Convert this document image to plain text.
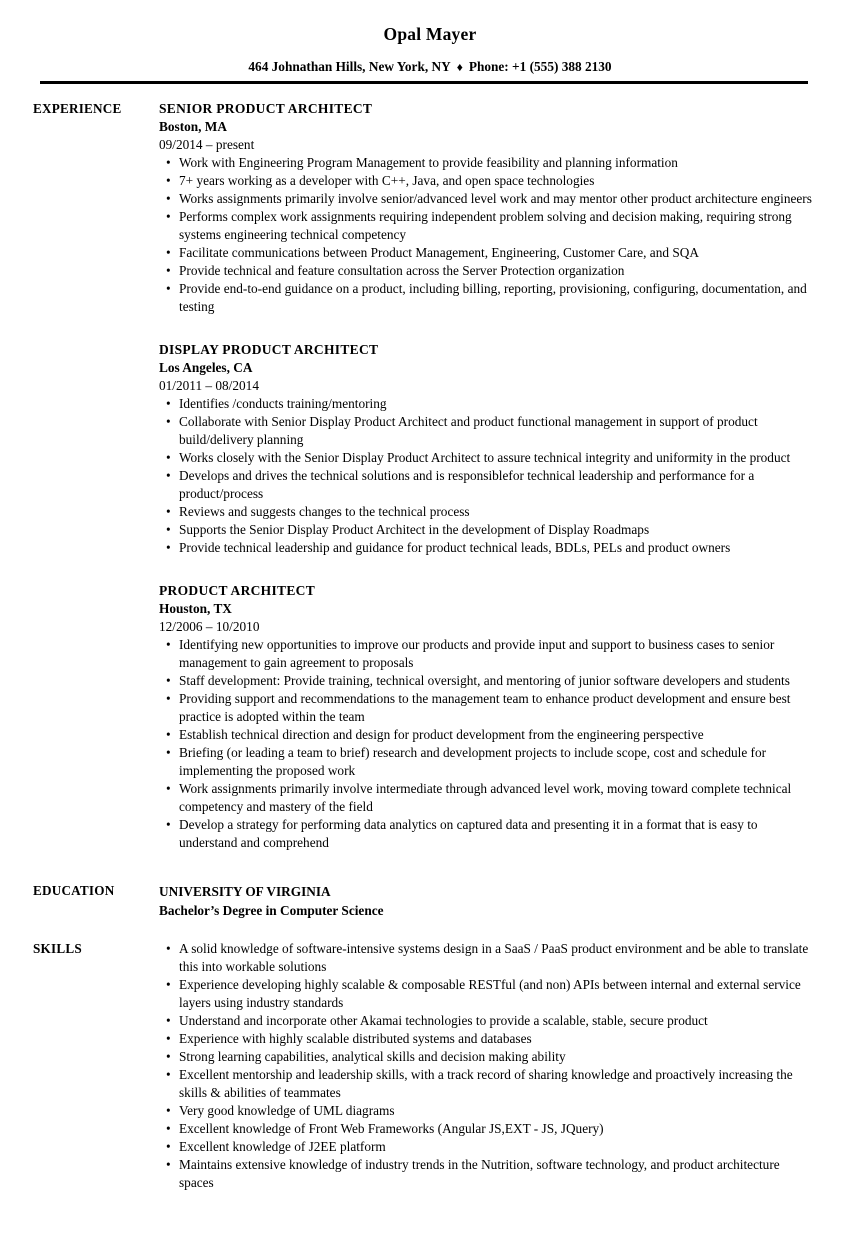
Opal Mayer

464 Johnathan Hills, New York, NY ♦ Phone: +1 (555) 388 2130

EXPERIENCE	SENIOR PRODUCT ARCHITECT
Boston, MA
09/2014 – present
• Work with Engineering Program Management to provide feasibility and planning information
• 7+ years working as a developer with C++, Java, and open space technologies
• Works assignments primarily involve senior/advanced level work and may mentor other product architecture engineers
• Performs complex work assignments requiring independent problem solving and decision making, requiring strong systems engineering technical competency
• Facilitate communications between Product Management, Engineering, Customer Care, and SQA
• Provide technical and feature consultation across the Server Protection organization
• Provide end-to-end guidance on a product, including billing, reporting, provisioning, configuring, documentation, and testing
DISPLAY PRODUCT ARCHITECT
Los Angeles, CA
01/2011 – 08/2014
• Identifies /conducts training/mentoring
• Collaborate with Senior Display Product Architect and product functional management in support of product build/delivery planning
• Works closely with the Senior Display Product Architect to assure technical integrity and uniformity in the product
• Develops and drives the technical solutions and is responsiblefor technical leadership and performance for a product/process
• Reviews and suggests changes to the technical process
• Supports the Senior Display Product Architect in the development of Display Roadmaps
• Provide technical leadership and guidance for product technical leads, BDLs, PELs and product owners
PRODUCT ARCHITECT
Houston, TX
12/2006 – 10/2010
• Identifying new opportunities to improve our products and provide input and support to business cases to senior management to gain agreement to proposals
• Staff development: Provide training, technical oversight, and mentoring of junior software developers and students
• Providing support and recommendations to the management team to enhance product development and ensure best practice is adopted within the team
• Establish technical direction and design for product development from the engineering perspective
• Briefing (or leading a team to brief) research and development projects to include scope, cost and schedule for implementing the proposed work
• Work assignments primarily involve intermediate through advanced level work, moving toward complete technical competency and mastery of the field
• Develop a strategy for performing data analytics on captured data and presenting it in a format that is easy to understand and comprehend
EDUCATION	UNIVERSITY OF VIRGINIA
Bachelor’s Degree in Computer Science
SKILLS	• A solid knowledge of software-intensive systems design in a SaaS / PaaS product environment and be able to translate this into workable solutions
• Experience developing highly scalable & composable RESTful (and non) APIs between internal and external service layers using industry standards
• Understand and incorporate other Akamai technologies to provide a scalable, stable, secure product
• Experience with highly scalable distributed systems and databases
• Strong learning capabilities, analytical skills and decision making ability
• Excellent mentorship and leadership skills, with a track record of sharing knowledge and proactively increasing the skills & abilities of teammates
• Very good knowledge of UML diagrams
• Excellent knowledge of Front Web Frameworks (Angular JS,EXT - JS, JQuery)
• Excellent knowledge of J2EE platform
• Maintains extensive knowledge of industry trends in the Nutrition, software technology, and product architecture spaces
